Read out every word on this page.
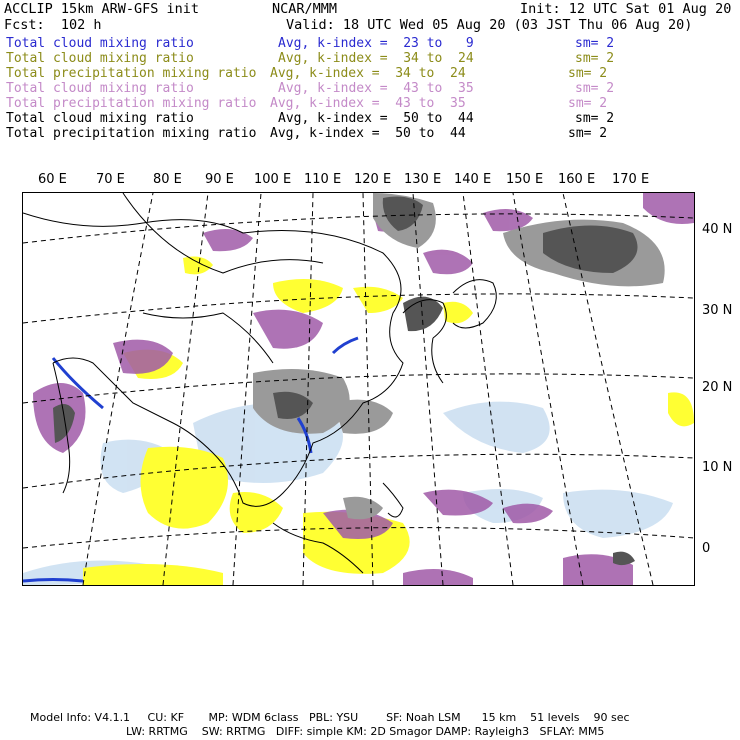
ACCLIP 15km ARW-GFS init	NCAR/MMM	Init: 12 UTC Sat 01 Aug 20
Fcst:  102 h	Valid: 18 UTC Wed 05 Aug 20 (03 JST Thu 06 Aug 20)
Total cloud mixing ratio	Avg, k-index =  23 to   9	sm= 2
Total cloud mixing ratio	Avg, k-index =  34 to  24	sm= 2
Total precipitation mixing ratio Avg, k-index =  34 to  24	sm= 2
Total cloud mixing ratio	Avg, k-index =  43 to  35	sm= 2
Total precipitation mixing ratio Avg, k-index =  43 to  35	sm= 2
Total cloud mixing ratio	Avg, k-index =  50 to  44	sm= 2
Total precipitation mixing ratio Avg, k-index =  50 to  44	sm= 2
60 E 70 E 80 E 90 E 100 E 110 E 120 E 130 E 140 E 150 E 160 E 170 E
40 N
30 N
20 N
10 N
0
Model Info: V4.1.1     CU: KF       MP: WDM 6class   PBL: YSU        SF: Noah LSM      15 km    51 levels    90 sec
LW: RRTMG    SW: RRTMG   DIFF: simple KM: 2D Smagor DAMP: Rayleigh3   SFLAY: MM5
